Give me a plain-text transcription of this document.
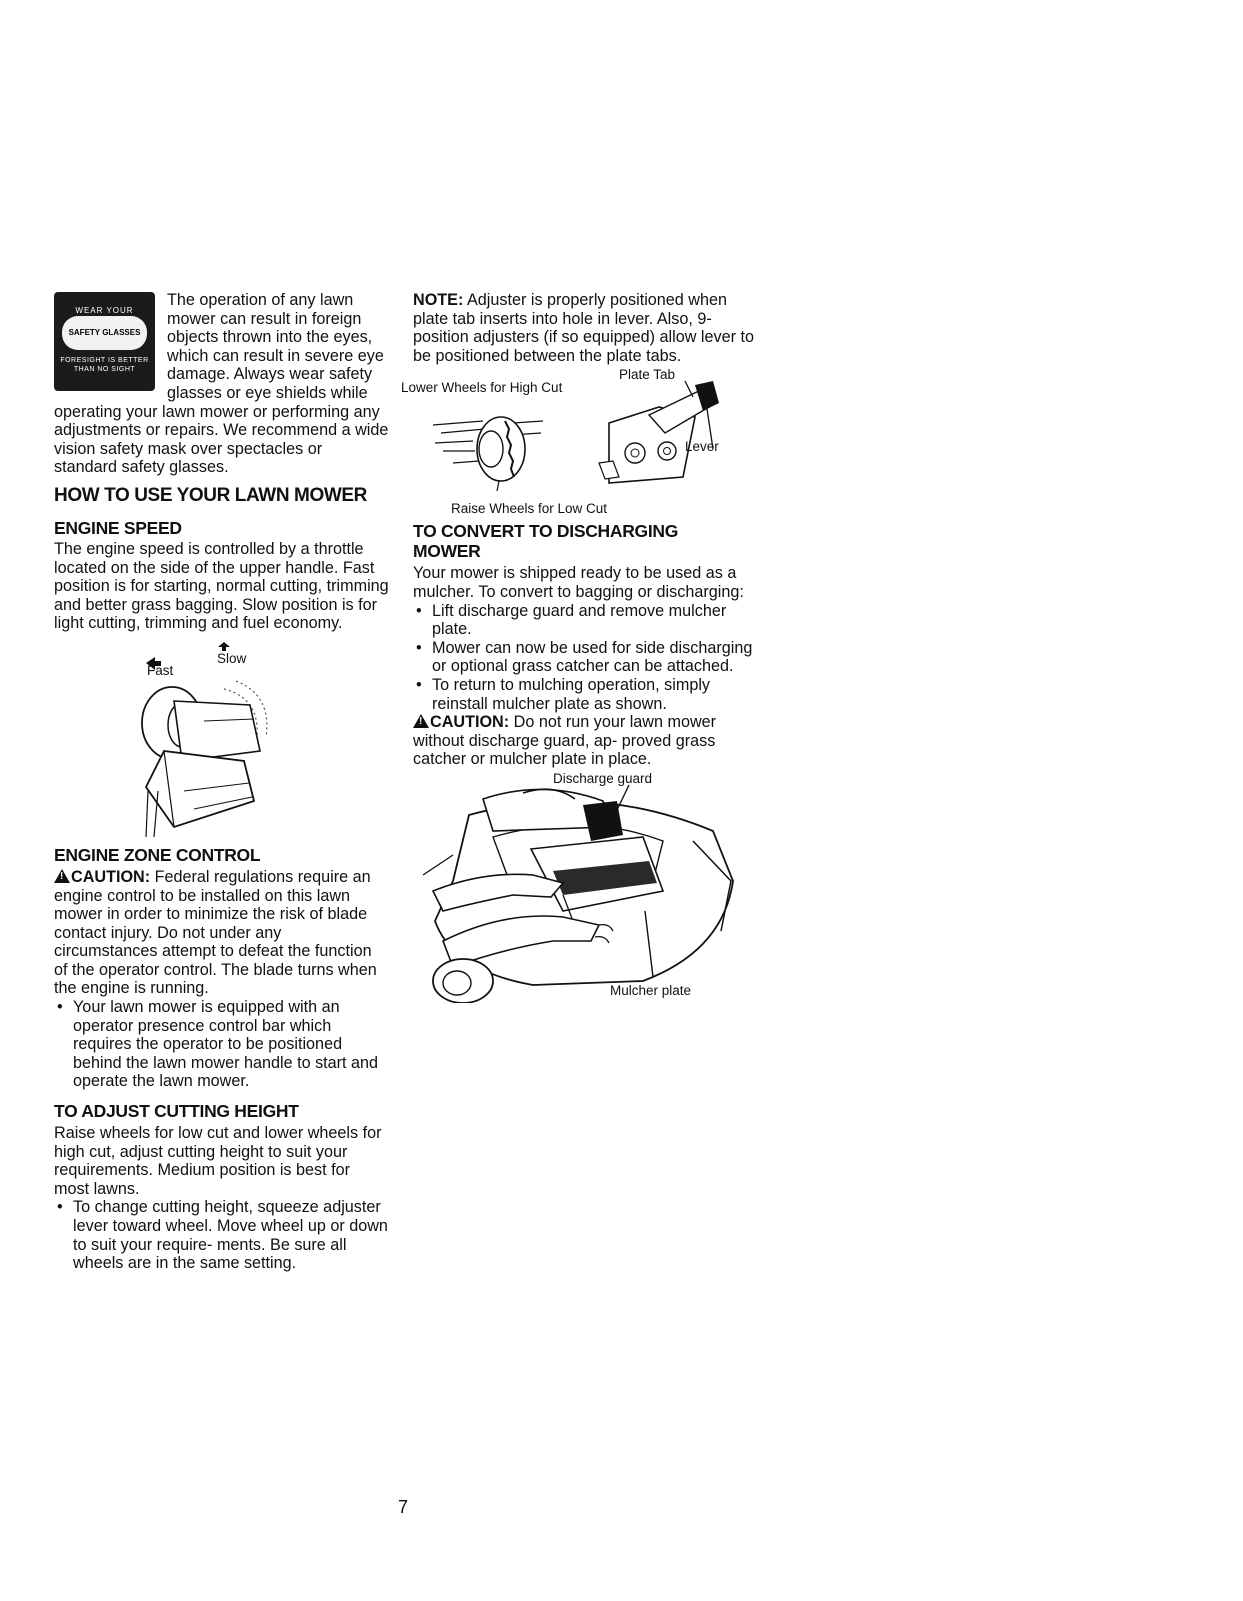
WEAR YOUR
SAFETY GLASSES
FORESIGHT IS BETTER
THAN NO SIGHT

The operation of any lawn mower can result in foreign objects thrown into the eyes, which can result in severe eye damage. Always wear safety glasses or eye shields while operating your lawn mower or performing any adjustments or repairs. We recommend a wide vision safety mask over spectacles or standard safety glasses.

HOW TO USE YOUR LAWN MOWER
ENGINE SPEED

The engine speed is controlled by a throttle located on the side of the upper handle. Fast position is for starting, normal cutting, trimming and better grass bagging. Slow position is for light cutting, trimming and fuel economy.

Fast
Slow
ENGINE ZONE CONTROL

!CAUTION: Federal regulations require an engine control to be installed on this lawn mower in order to minimize the risk of blade contact injury. Do not under any circumstances attempt to defeat the function of the operator control. The blade turns when the engine is running.

• Your lawn mower is equipped with an operator presence control bar which requires the operator to be positioned behind the lawn mower handle to start and operate the lawn mower.
TO ADJUST CUTTING HEIGHT

Raise wheels for low cut and lower wheels for high cut, adjust cutting height to suit your requirements. Medium position is best for most lawns.

• To change cutting height, squeeze adjuster lever toward wheel. Move wheel up or down to suit your require- ments. Be sure all wheels are in the same setting.

NOTE: Adjuster is properly positioned when plate tab inserts into hole in lever. Also, 9-position adjusters (if so equipped) allow lever to be positioned between the plate tabs.

Plate Tab
Lower Wheels for High Cut
Lever
Raise Wheels for Low Cut
TO CONVERT TO DISCHARGING MOWER

Your mower is shipped ready to be used as a mulcher. To convert to bagging or discharging:

• Lift discharge guard and remove mulcher plate.
• Mower can now be used for side discharging or optional grass catcher can be attached.
• To return to mulching operation, simply reinstall mulcher plate as shown.

!CAUTION: Do not run your lawn mower without discharge guard, ap- proved grass catcher or mulcher plate in place.

Discharge guard
Mulcher plate
7
